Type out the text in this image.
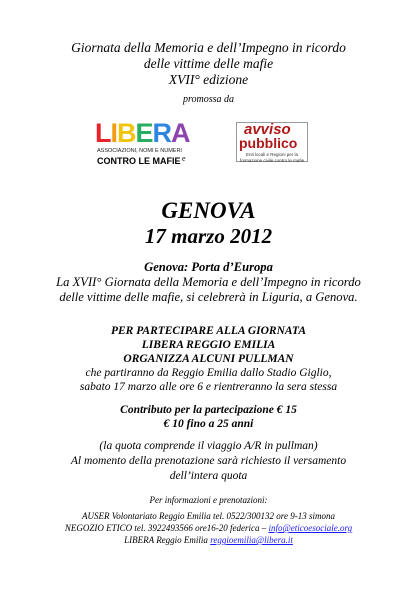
Giornata della Memoria e dell’Impegno in ricordo
delle vittime delle mafie
XVII° edizione
promossa da
LIBERA
ASSOCIAZIONI, NOMI E NUMERI
CONTRO LE MAFIE e
avviso
pubblico
Enti locali e Regioni per la formazione civile contro le mafie
GENOVA
17 marzo 2012
Genova: Porta d’Europa
La XVII° Giornata della Memoria e dell’Impegno in ricordo
delle vittime delle mafie, si celebrerà in Liguria, a Genova.
PER PARTECIPARE ALLA GIORNATA
LIBERA REGGIO EMILIA
ORGANIZZA ALCUNI PULLMAN
che partiranno da Reggio Emilia dallo Stadio Giglio,
sabato 17 marzo alle ore 6 e rientreranno la sera stessa
Contributo per la partecipazione € 15
€ 10 fino a 25 anni
(la quota comprende il viaggio A/R in pullman)
Al momento della prenotazione sarà richiesto il versamento
dell’intera quota
Per informazioni e prenotazioni:
AUSER Volontariato Reggio Emilia tel. 0522/300132 ore 9-13 simona
NEGOZIO ETICO tel. 3922493566 ore16-20 federica – info@eticoesociale.org
LIBERA Reggio Emilia reggioemilia@libera.it
